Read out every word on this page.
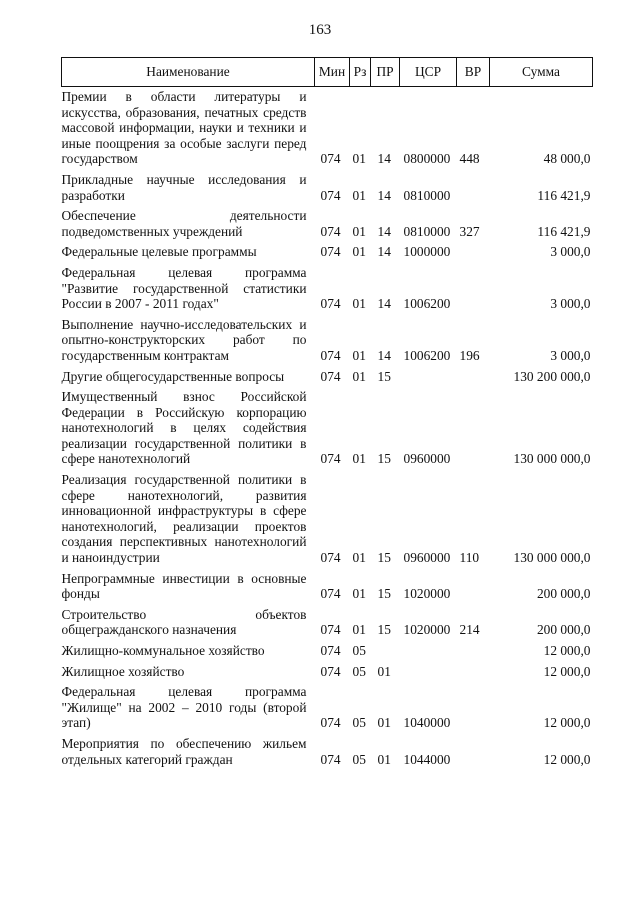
163
Наименование	Мин	Рз	ПР	ЦСР	ВР	Сумма
Премии в области литературы и искусства, образования, печатных средств массовой информации, науки и техники и иные поощрения за особые заслуги перед государством	074	01	14	0800000	448	48 000,0
Прикладные научные исследования и разработки	074	01	14	0810000		116 421,9
Обеспечение деятельности подведомственных учреждений	074	01	14	0810000	327	116 421,9
Федеральные целевые программы	074	01	14	1000000		3 000,0
Федеральная целевая программа "Развитие государственной статистики России в 2007 - 2011 годах"	074	01	14	1006200		3 000,0
Выполнение научно-исследовательских и опытно-конструкторских работ по государственным контрактам	074	01	14	1006200	196	3 000,0
Другие общегосударственные вопросы	074	01	15			130 200 000,0
Имущественный взнос Российской Федерации в Российскую корпорацию нанотехнологий в целях содействия реализации государственной политики в сфере нанотехнологий	074	01	15	0960000		130 000 000,0
Реализация государственной политики в сфере нанотехнологий, развития инновационной инфраструктуры в сфере нанотехнологий, реализации проектов создания перспективных нанотехнологий и наноиндустрии	074	01	15	0960000	110	130 000 000,0
Непрограммные инвестиции в основные фонды	074	01	15	1020000		200 000,0
Строительство объектов общегражданского назначения	074	01	15	1020000	214	200 000,0
Жилищно-коммунальное хозяйство	074	05				12 000,0
Жилищное хозяйство	074	05	01			12 000,0
Федеральная целевая программа "Жилище" на 2002 – 2010 годы (второй этап)	074	05	01	1040000		12 000,0
Мероприятия по обеспечению жильем отдельных категорий граждан	074	05	01	1044000		12 000,0
